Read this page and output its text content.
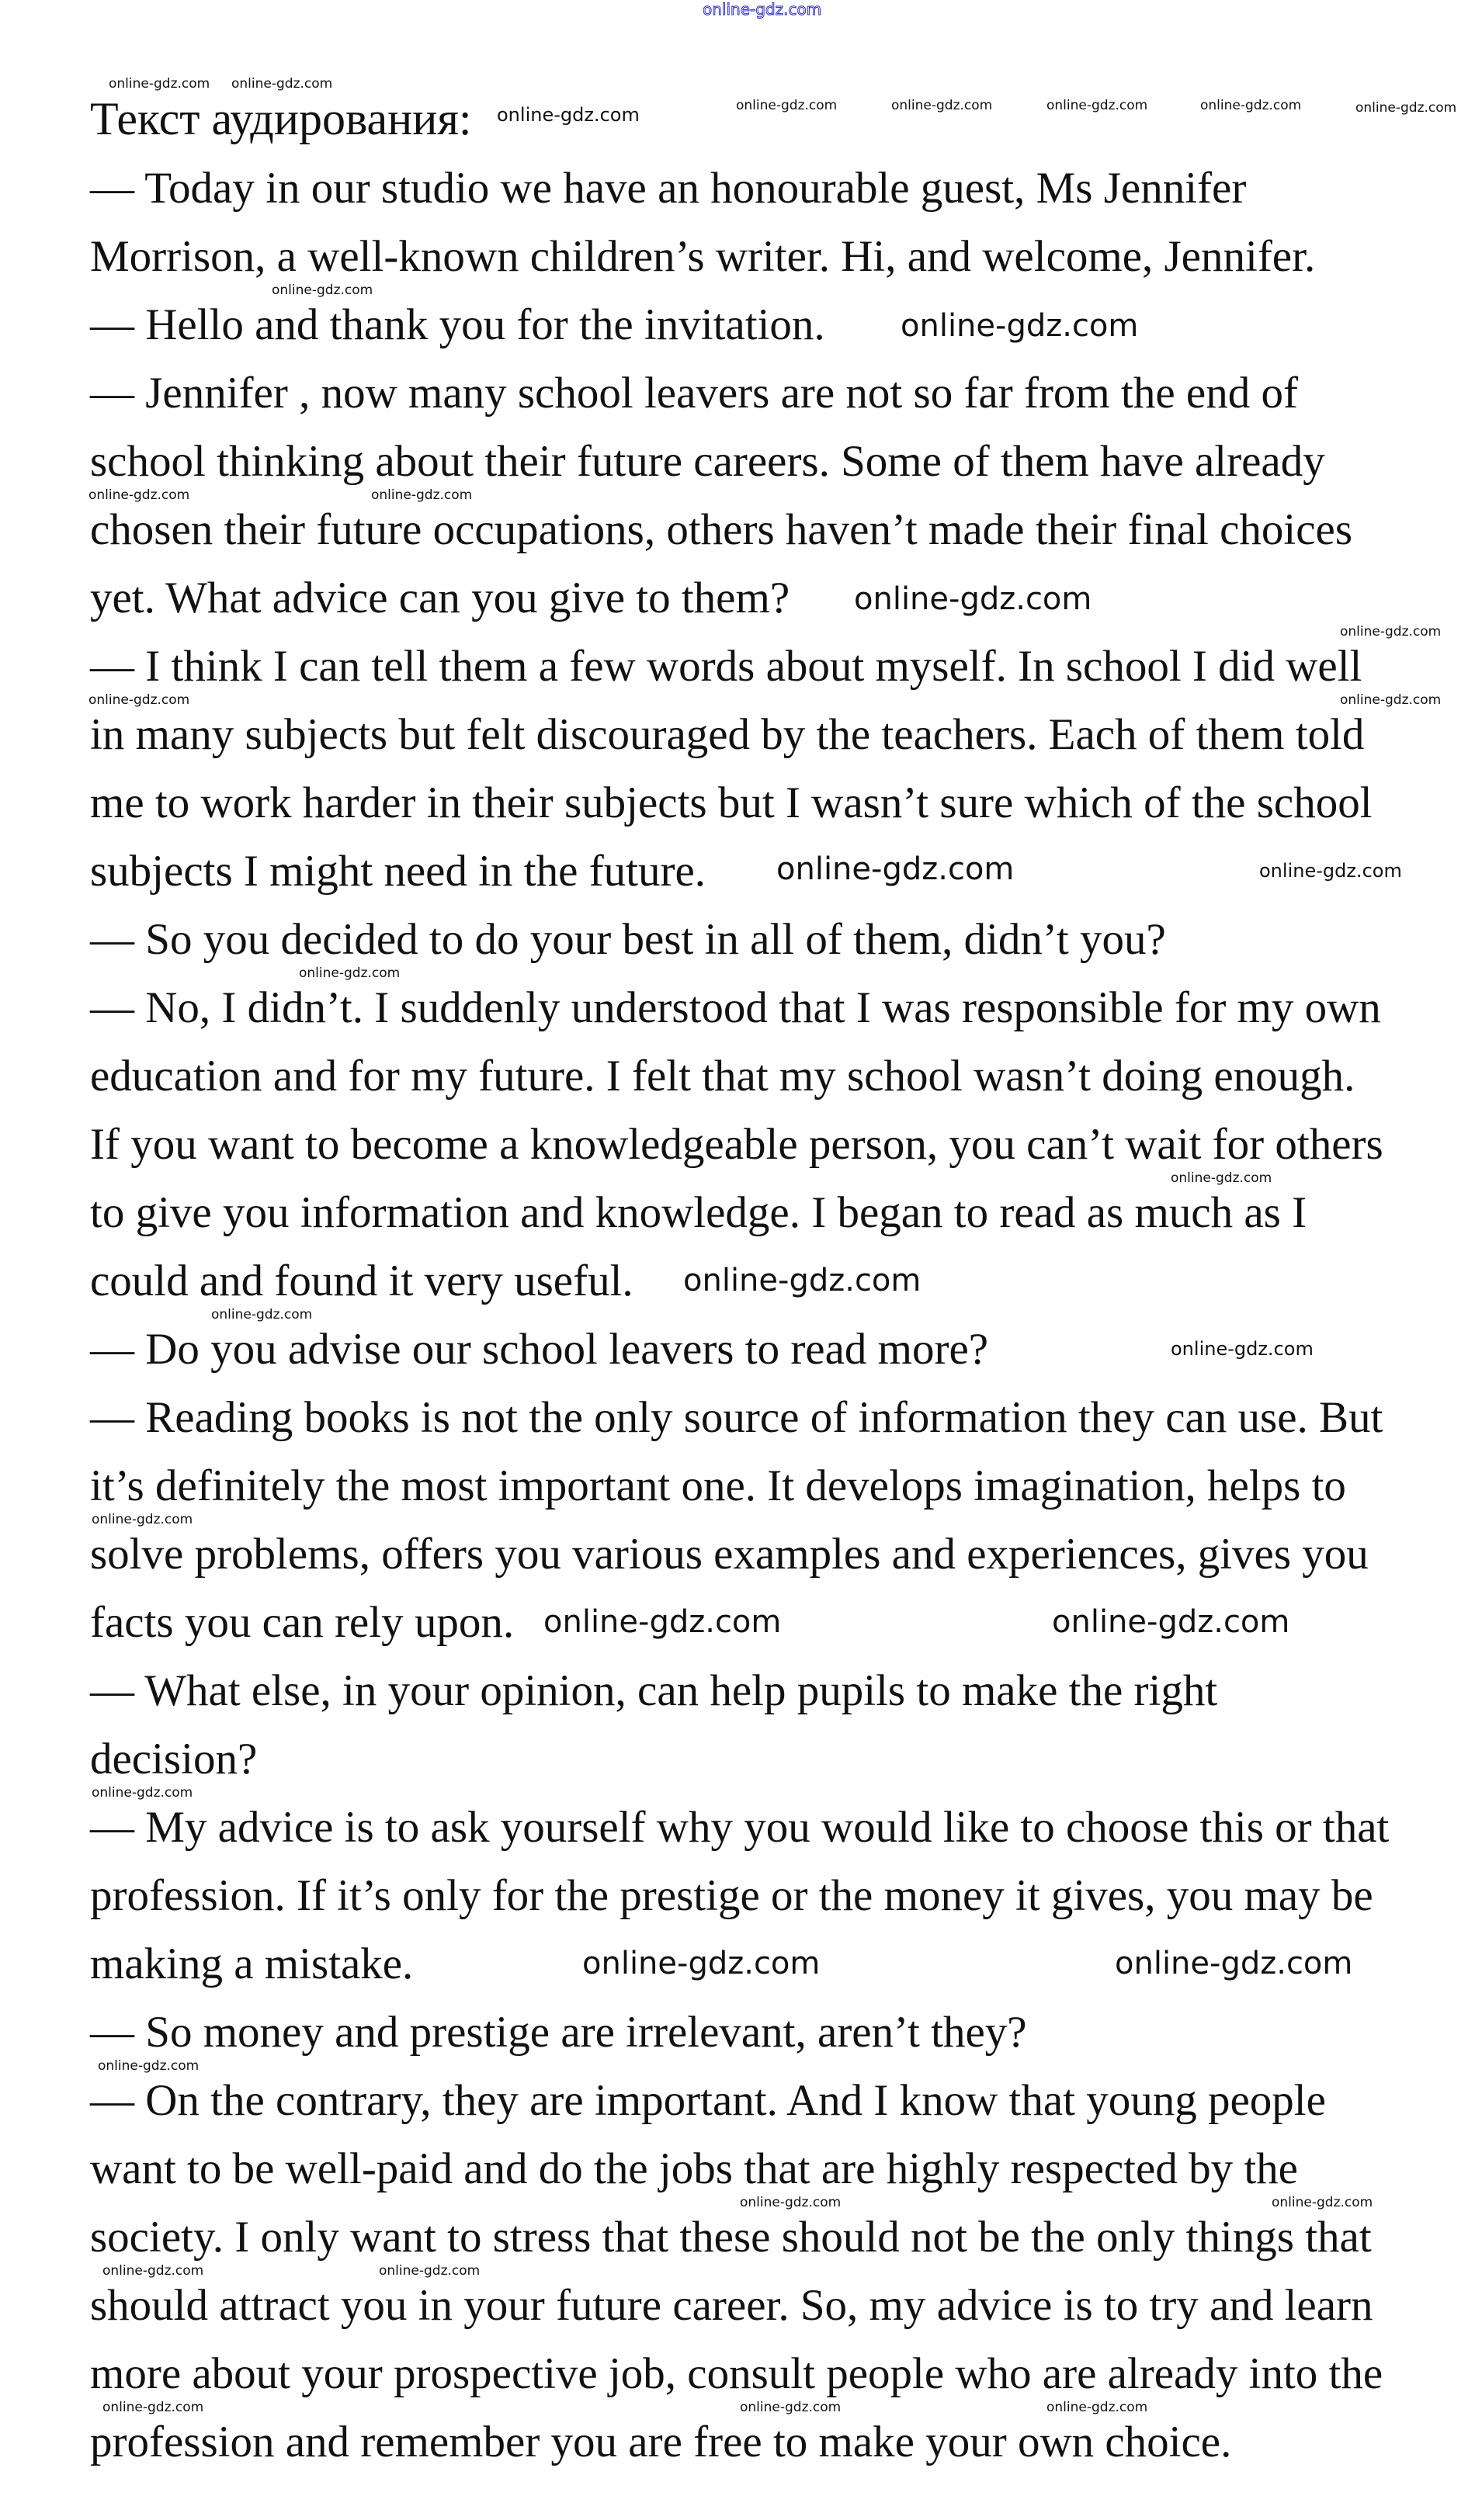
online-gdz.com
Текст аудирования:
— Today in our studio we have an honourable guest, Ms Jennifer
Morrison, a well-known children’s writer. Hi, and welcome, Jennifer.
— Hello and thank you for the invitation.
— Jennifer , now many school leavers are not so far from the end of
school thinking about their future careers. Some of them have already
chosen their future occupations, others haven’t made their final choices
yet. What advice can you give to them?
— I think I can tell them a few words about myself. In school I did well
in many subjects but felt discouraged by the teachers. Each of them told
me to work harder in their subjects but I wasn’t sure which of the school
subjects I might need in the future.
— So you decided to do your best in all of them, didn’t you?
— No, I didn’t. I suddenly understood that I was responsible for my own
education and for my future. I felt that my school wasn’t doing enough.
If you want to become a knowledgeable person, you can’t wait for others
to give you information and knowledge. I began to read as much as I
could and found it very useful.
— Do you advise our school leavers to read more?
— Reading books is not the only source of information they can use. But
it’s definitely the most important one. It develops imagination, helps to
solve problems, offers you various examples and experiences, gives you
facts you can rely upon.
— What else, in your opinion, can help pupils to make the right
decision?
— My advice is to ask yourself why you would like to choose this or that
profession. If it’s only for the prestige or the money it gives, you may be
making a mistake.
— So money and prestige are irrelevant, aren’t they?
— On the contrary, they are important. And I know that young people
want to be well-paid and do the jobs that are highly respected by the
society. I only want to stress that these should not be the only things that
should attract you in your future career. So, my advice is to try and learn
more about your prospective job, consult people who are already into the
profession and remember you are free to make your own choice.
online-gdz.com online-gdz.com
online-gdz.com	online-gdz.com	online-gdz.com	online-gdz.com	online-gdz.com
online-gdz.com
online-gdz.com
online-gdz.com
online-gdz.com	online-gdz.com
online-gdz.com
online-gdz.com
online-gdz.com	online-gdz.com
online-gdz.com
online-gdz.com
online-gdz.com
online-gdz.com
online-gdz.com
online-gdz.com
online-gdz.com
online-gdz.com
online-gdz.com	online-gdz.com
online-gdz.com
online-gdz.com	online-gdz.com
online-gdz.com
online-gdz.com	online-gdz.com
online-gdz.com	online-gdz.com
online-gdz.com	online-gdz.com
online-gdz.com
